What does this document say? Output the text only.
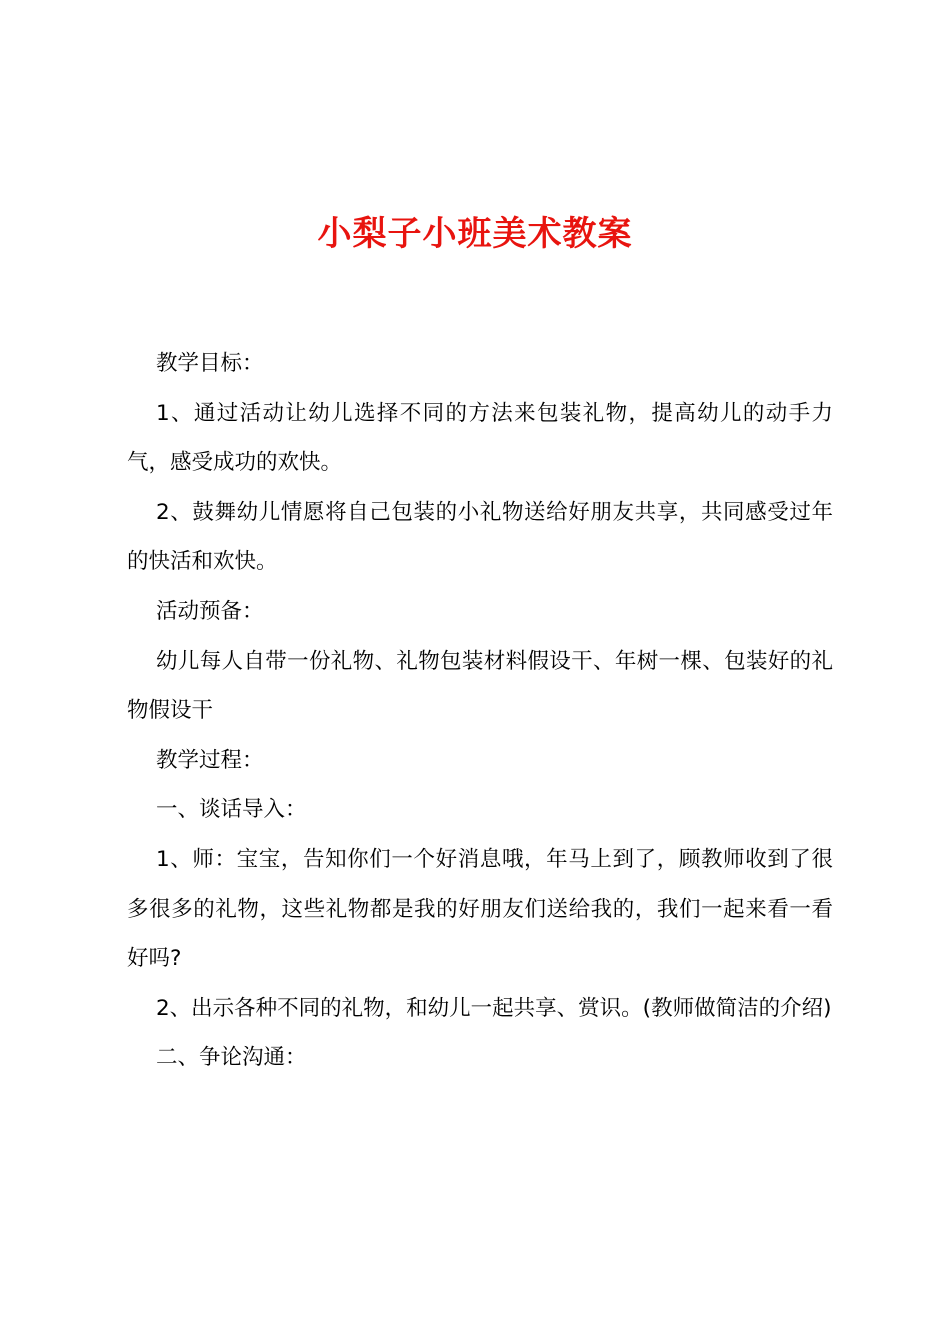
小梨子小班美术教案

教学目标：

1、通过活动让幼儿选择不同的方法来包装礼物，提高幼儿的动手力气，感受成功的欢快。

2、鼓舞幼儿情愿将自己包装的小礼物送给好朋友共享，共同感受过年的快活和欢快。

活动预备：

幼儿每人自带一份礼物、礼物包装材料假设干、年树一棵、包装好的礼物假设干

教学过程：

一、谈话导入：

1、师：宝宝，告知你们一个好消息哦，年马上到了，顾教师收到了很多很多的礼物，这些礼物都是我的好朋友们送给我的，我们一起来看一看好吗?

2、出示各种不同的礼物，和幼儿一起共享、赏识。(教师做简洁的介绍)

二、争论沟通：
